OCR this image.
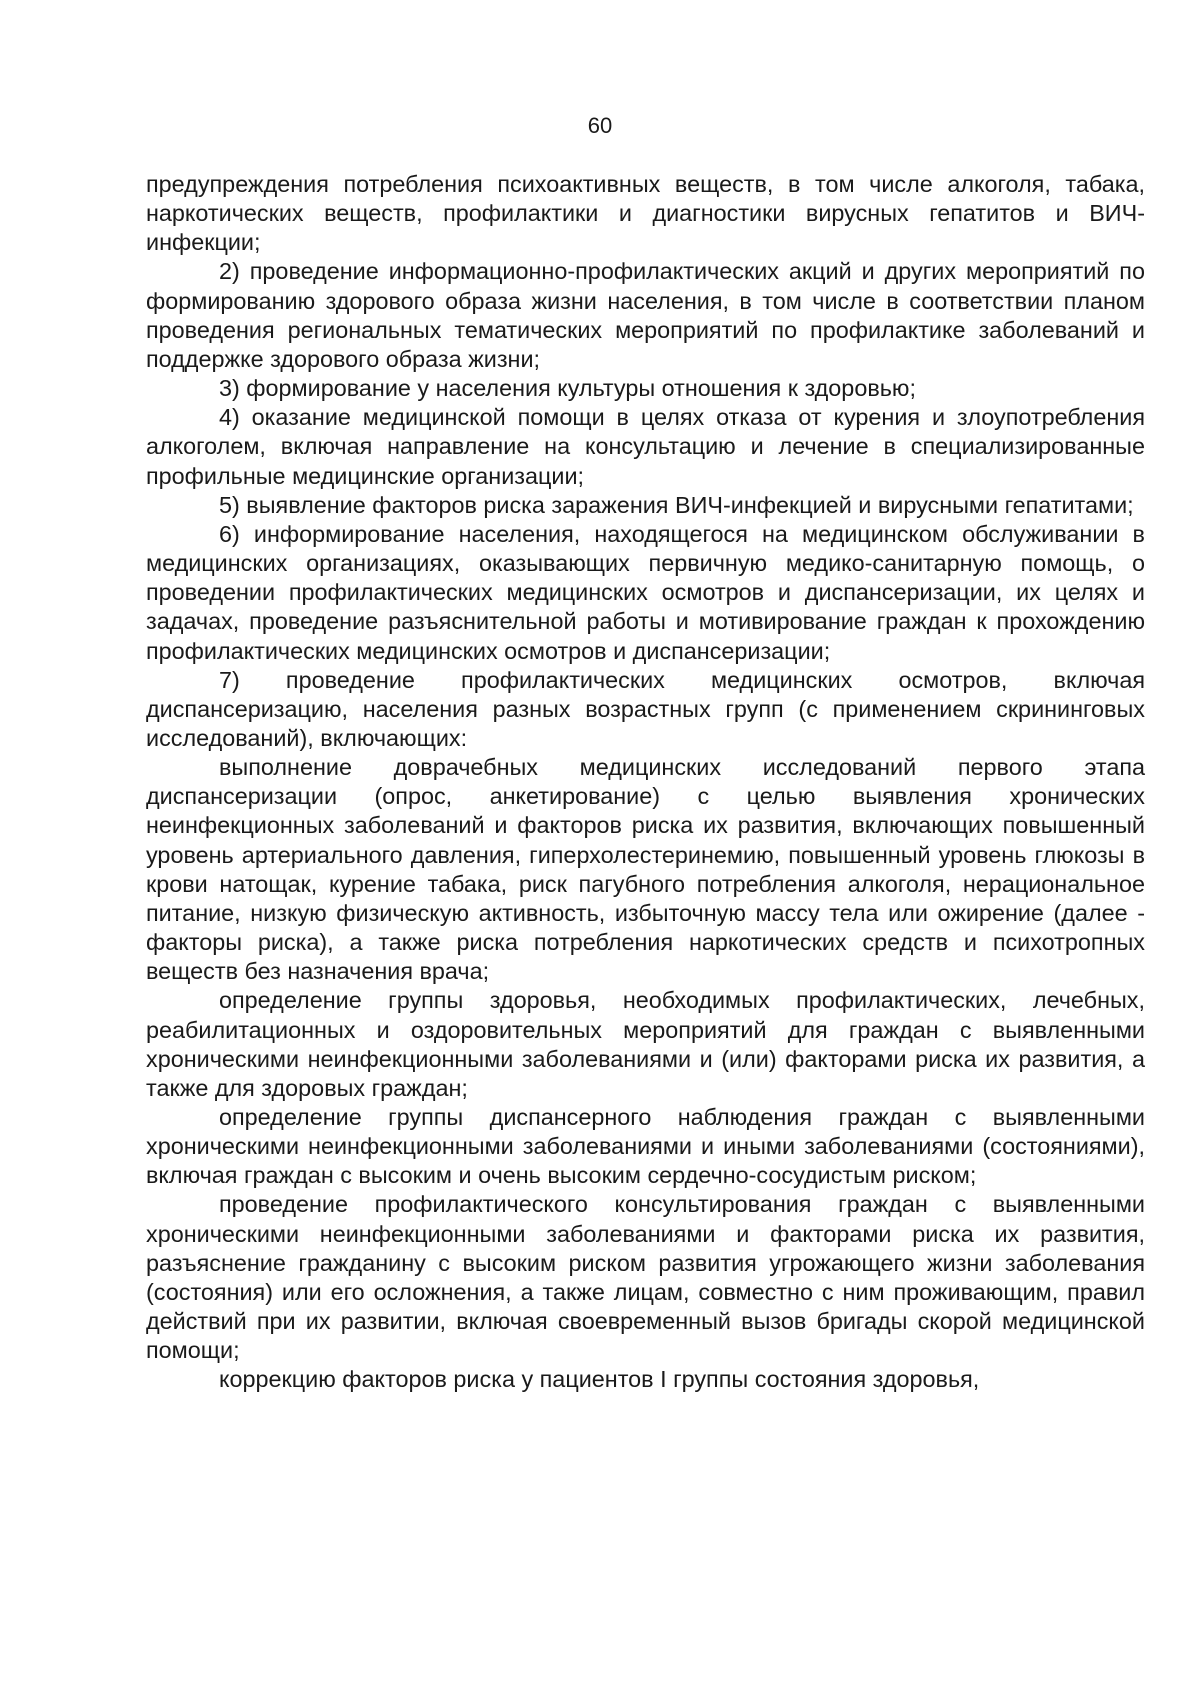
60

предупреждения потребления психоактивных веществ, в том числе алкоголя, табака, наркотических веществ, профилактики и диагностики вирусных гепатитов и ВИЧ-инфекции;

2) проведение информационно-профилактических акций и других мероприятий по формированию здорового образа жизни населения, в том числе в соответствии планом проведения региональных тематических мероприятий по профилактике заболеваний и поддержке здорового образа жизни;

3) формирование у населения культуры отношения к здоровью;

4) оказание медицинской помощи в целях отказа от курения и злоупотребления алкоголем, включая направление на консультацию и лечение в специализированные профильные медицинские организации;

5) выявление факторов риска заражения ВИЧ-инфекцией и вирусными гепатитами;

6) информирование населения, находящегося на медицинском обслуживании в медицинских организациях, оказывающих первичную медико-санитарную помощь, о проведении профилактических медицинских осмотров и диспансеризации, их целях и задачах, проведение разъяснительной работы и мотивирование граждан к прохождению профилактических медицинских осмотров и диспансеризации;

7) проведение профилактических медицинских осмотров, включая диспансеризацию, населения разных возрастных групп (с применением скрининговых исследований), включающих:

выполнение доврачебных медицинских исследований первого этапа диспансеризации (опрос, анкетирование) с целью выявления хронических неинфекционных заболеваний и факторов риска их развития, включающих повышенный уровень артериального давления, гиперхолестеринемию, повышенный уровень глюкозы в крови натощак, курение табака, риск пагубного потребления алкоголя, нерациональное питание, низкую физическую активность, избыточную массу тела или ожирение (далее - факторы риска), а также риска потребления наркотических средств и психотропных веществ без назначения врача;

определение группы здоровья, необходимых профилактических, лечебных, реабилитационных и оздоровительных мероприятий для граждан с выявленными хроническими неинфекционными заболеваниями и (или) факторами риска их развития, а также для здоровых граждан;

определение группы диспансерного наблюдения граждан с выявленными хроническими неинфекционными заболеваниями и иными заболеваниями (состояниями), включая граждан с высоким и очень высоким сердечно-сосудистым риском;

проведение профилактического консультирования граждан с выявленными хроническими неинфекционными заболеваниями и факторами риска их развития, разъяснение гражданину с высоким риском развития угрожающего жизни заболевания (состояния) или его осложнения, а также лицам, совместно с ним проживающим, правил действий при их развитии, включая своевременный вызов бригады скорой медицинской помощи;

коррекцию факторов риска у пациентов I группы состояния здоровья,
